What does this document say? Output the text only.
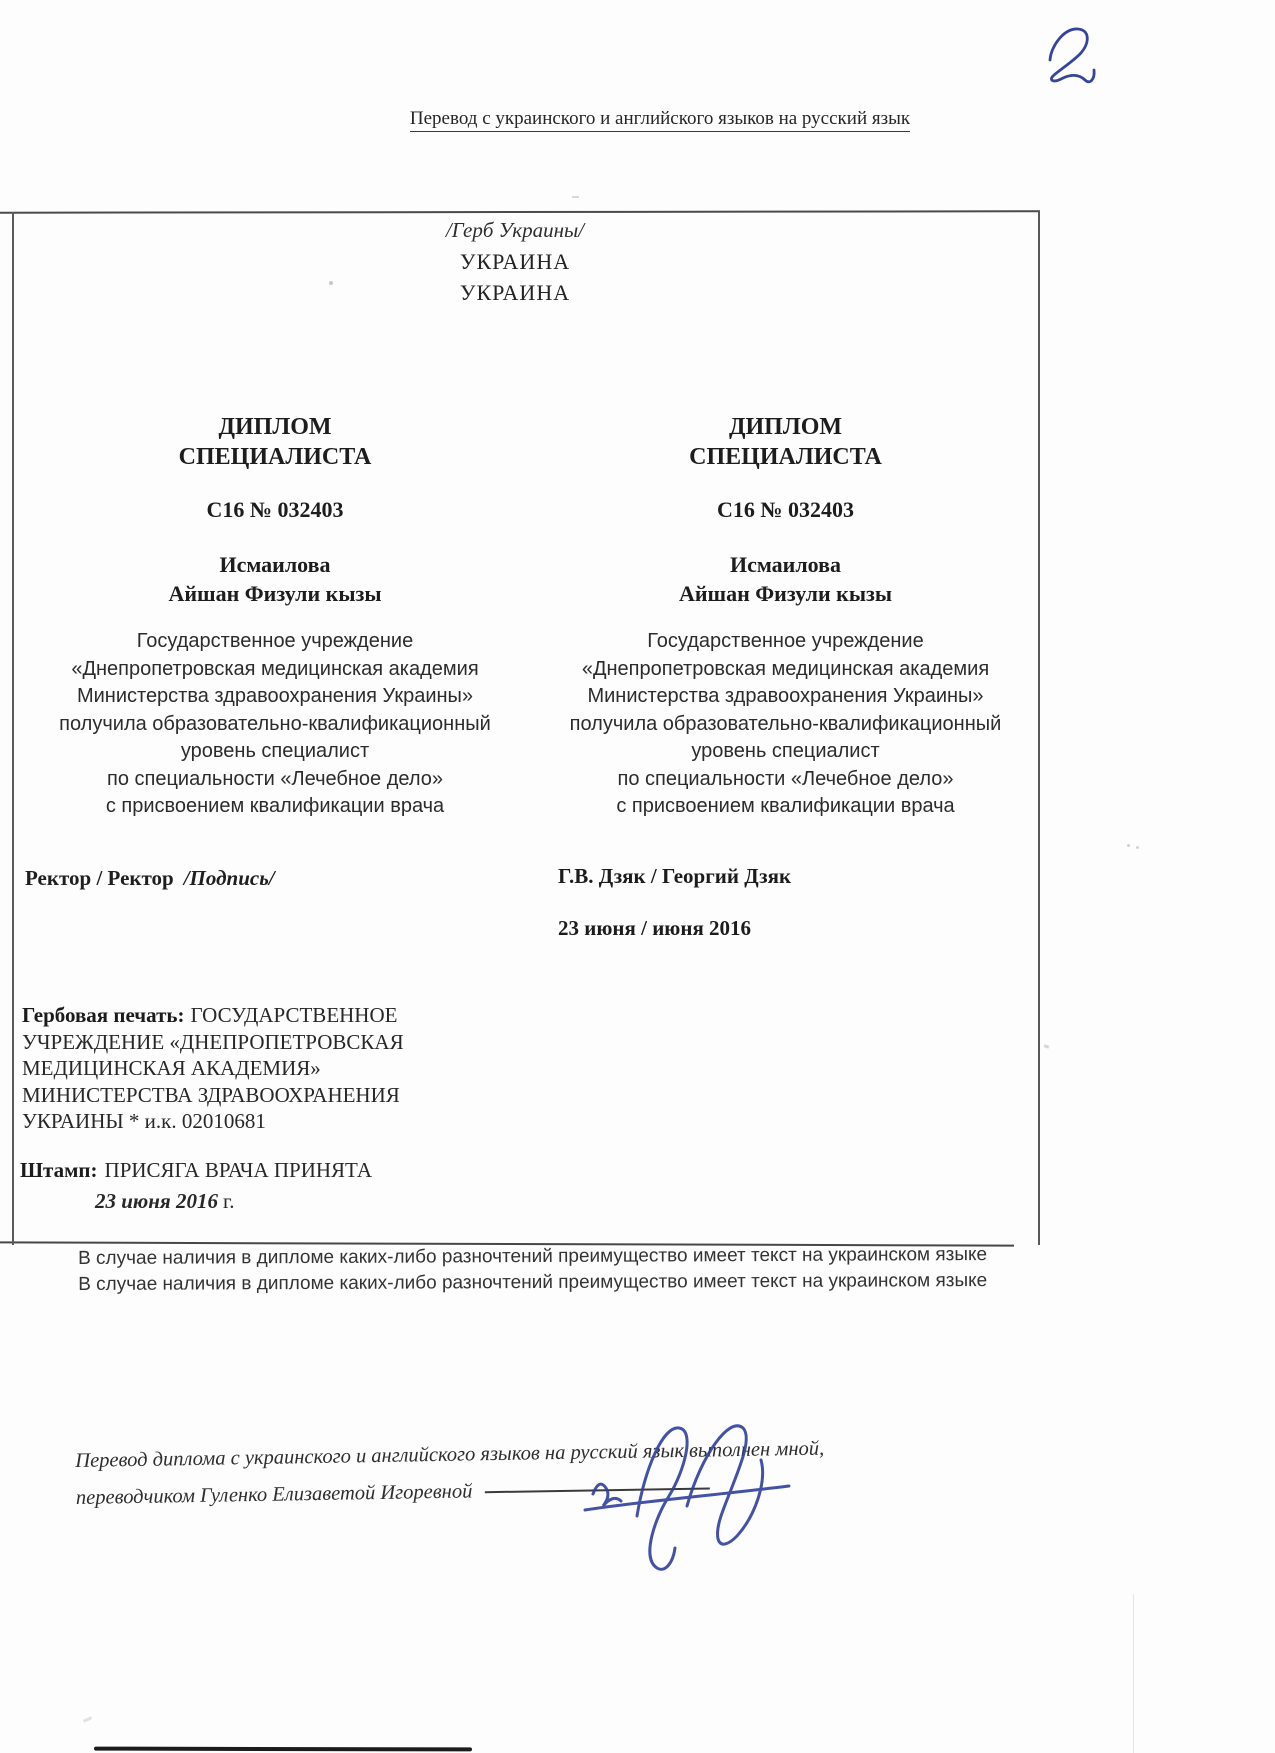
Перевод с украинского и английского языков на русский язык
/Герб Украины/
УКРАИНА
УКРАИНА
ДИПЛОМ
СПЕЦИАЛИСТА
С16 № 032403
Исмаилова
Айшан Физули кызы
Государственное учреждение
«Днепропетровская медицинская академия
Министерства здравоохранения Украины»
получила образовательно-квалификационный
уровень специалист
по специальности «Лечебное дело»
с присвоением квалификации врача
Ректор / Ректор /Подпись/
ДИПЛОМ
СПЕЦИАЛИСТА
С16 № 032403
Исмаилова
Айшан Физули кызы
Государственное учреждение
«Днепропетровская медицинская академия
Министерства здравоохранения Украины»
получила образовательно-квалификационный
уровень специалист
по специальности «Лечебное дело»
с присвоением квалификации врача
Г.В. Дзяк / Георгий Дзяк
23 июня / июня 2016
Гербовая печать: ГОСУДАРСТВЕННОЕ
УЧРЕЖДЕНИЕ «ДНЕПРОПЕТРОВСКАЯ
МЕДИЦИНСКАЯ АКАДЕМИЯ»
МИНИСТЕРСТВА ЗДРАВООХРАНЕНИЯ
УКРАИНЫ * и.к. 02010681
Штамп: ПРИСЯГА ВРАЧА ПРИНЯТА
23 июня 2016 г.
В случае наличия в дипломе каких-либо разночтений преимущество имеет текст на украинском языке
В случае наличия в дипломе каких-либо разночтений преимущество имеет текст на украинском языке
Перевод диплома с украинского и английского языков на русский язык выполнен мной,
переводчиком Гуленко Елизаветой Игоревной
